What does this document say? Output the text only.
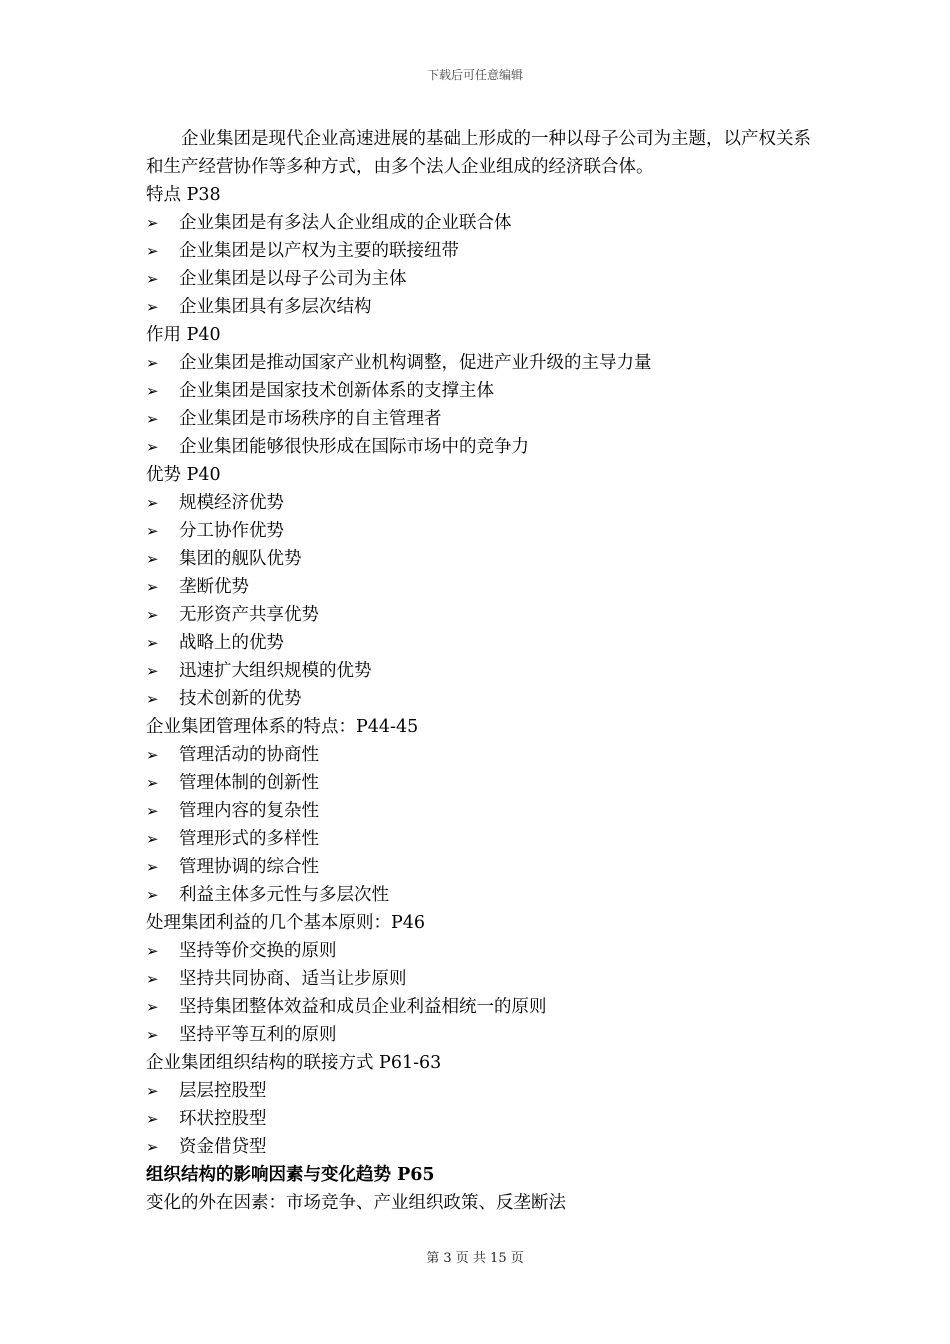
下载后可任意编辑

企业集团是现代企业高速进展的基础上形成的一种以母子公司为主题，以产权关系和生产经营协作等多种方式，由多个法人企业组成的经济联合体。

特点 P38

➢	企业集团是有多法人企业组成的企业联合体
➢	企业集团是以产权为主要的联接纽带
➢	企业集团是以母子公司为主体
➢	企业集团具有多层次结构

作用 P40

➢	企业集团是推动国家产业机构调整，促进产业升级的主导力量
➢	企业集团是国家技术创新体系的支撑主体
➢	企业集团是市场秩序的自主管理者
➢	企业集团能够很快形成在国际市场中的竞争力

优势 P40

➢	规模经济优势
➢	分工协作优势
➢	集团的舰队优势
➢	垄断优势
➢	无形资产共享优势
➢	战略上的优势
➢	迅速扩大组织规模的优势
➢	技术创新的优势

企业集团管理体系的特点：P44-45

➢	管理活动的协商性
➢	管理体制的创新性
➢	管理内容的复杂性
➢	管理形式的多样性
➢	管理协调的综合性
➢	利益主体多元性与多层次性

处理集团利益的几个基本原则：P46

➢	坚持等价交换的原则
➢	坚持共同协商、适当让步原则
➢	坚持集团整体效益和成员企业利益相统一的原则
➢	坚持平等互利的原则

企业集团组织结构的联接方式 P61-63

➢	层层控股型
➢	环状控股型
➢	资金借贷型

组织结构的影响因素与变化趋势 P65

变化的外在因素：市场竞争、产业组织政策、反垄断法

第 3 页 共 15 页
